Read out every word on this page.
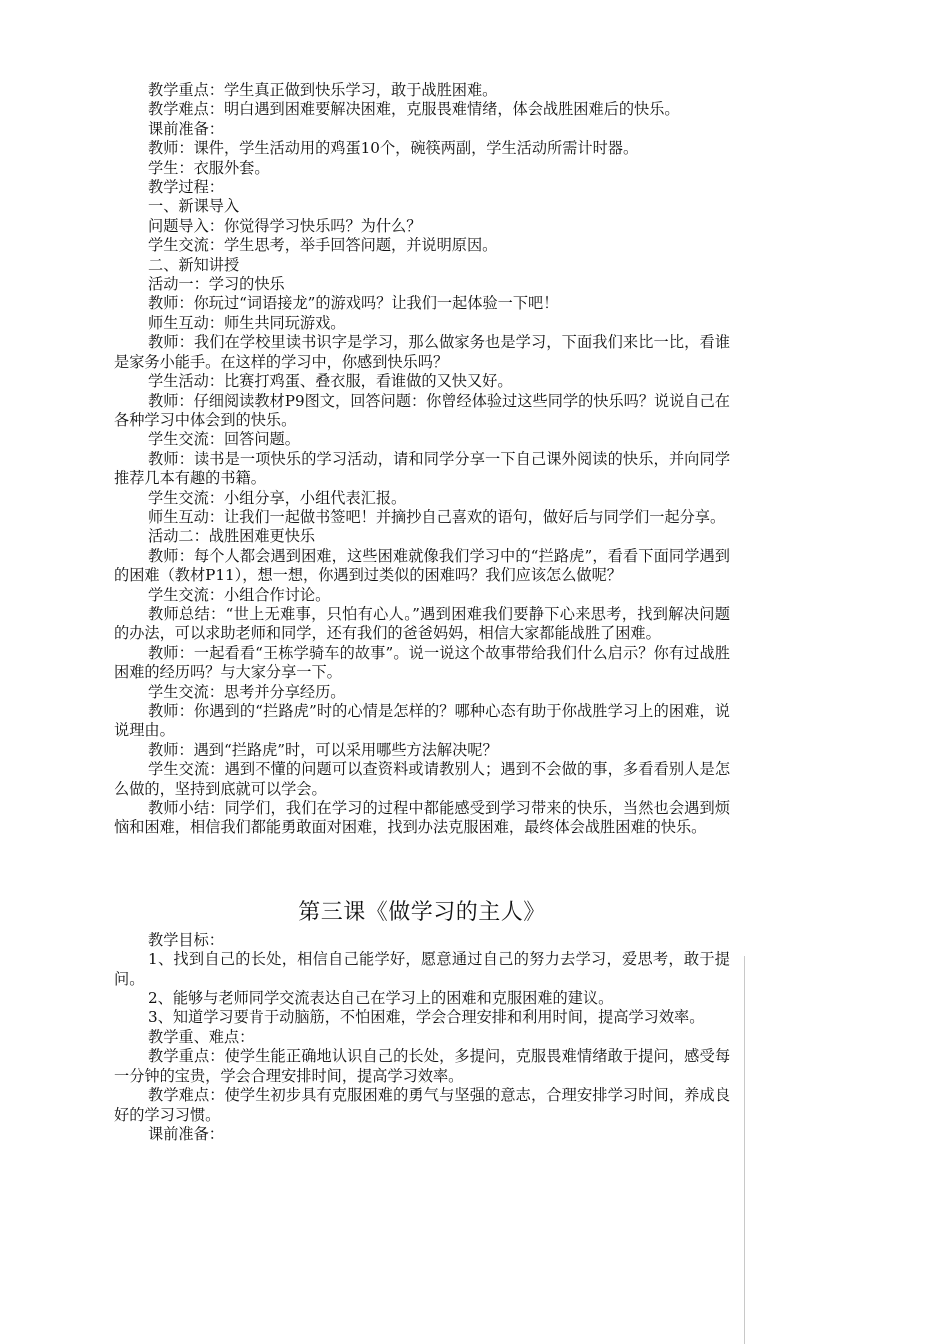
教学重点：学生真正做到快乐学习，敢于战胜困难。

教学难点：明白遇到困难要解决困难，克服畏难情绪，体会战胜困难后的快乐。

课前准备：

教师：课件，学生活动用的鸡蛋10个，碗筷两副，学生活动所需计时器。

学生：衣服外套。

教学过程：

一、新课导入

问题导入：你觉得学习快乐吗？为什么？

学生交流：学生思考，举手回答问题，并说明原因。

二、新知讲授

活动一：学习的快乐

教师：你玩过“词语接龙”的游戏吗？让我们一起体验一下吧！

师生互动：师生共同玩游戏。

教师：我们在学校里读书识字是学习，那么做家务也是学习，下面我们来比一比，看谁是家务小能手。在这样的学习中，你感到快乐吗？

学生活动：比赛打鸡蛋、叠衣服，看谁做的又快又好。

教师：仔细阅读教材P9图文，回答问题：你曾经体验过这些同学的快乐吗？说说自己在各种学习中体会到的快乐。

学生交流：回答问题。

教师：读书是一项快乐的学习活动，请和同学分享一下自己课外阅读的快乐，并向同学推荐几本有趣的书籍。

学生交流：小组分享，小组代表汇报。

师生互动：让我们一起做书签吧！并摘抄自己喜欢的语句，做好后与同学们一起分享。

活动二：战胜困难更快乐

教师：每个人都会遇到困难，这些困难就像我们学习中的“拦路虎”，看看下面同学遇到的困难（教材P11），想一想，你遇到过类似的困难吗？我们应该怎么做呢？

学生交流：小组合作讨论。

教师总结：“世上无难事，只怕有心人。”遇到困难我们要静下心来思考，找到解决问题的办法，可以求助老师和同学，还有我们的爸爸妈妈，相信大家都能战胜了困难。

教师：一起看看“王栋学骑车的故事”。说一说这个故事带给我们什么启示？你有过战胜困难的经历吗？与大家分享一下。

学生交流：思考并分享经历。

教师：你遇到的“拦路虎”时的心情是怎样的？哪种心态有助于你战胜学习上的困难，说说理由。

教师：遇到“拦路虎”时，可以采用哪些方法解决呢？

学生交流：遇到不懂的问题可以查资料或请教别人；遇到不会做的事，多看看别人是怎么做的，坚持到底就可以学会。

教师小结：同学们，我们在学习的过程中都能感受到学习带来的快乐，当然也会遇到烦恼和困难，相信我们都能勇敢面对困难，找到办法克服困难，最终体会战胜困难的快乐。

第三课《做学习的主人》

教学目标：

1、找到自己的长处，相信自己能学好，愿意通过自己的努力去学习，爱思考，敢于提问。

2、能够与老师同学交流表达自己在学习上的困难和克服困难的建议。

3、知道学习要肯于动脑筋，不怕困难，学会合理安排和利用时间，提高学习效率。

教学重、难点：

教学重点：使学生能正确地认识自己的长处，多提问，克服畏难情绪敢于提问，感受每一分钟的宝贵，学会合理安排时间，提高学习效率。

教学难点：使学生初步具有克服困难的勇气与坚强的意志，合理安排学习时间，养成良好的学习习惯。

课前准备：
